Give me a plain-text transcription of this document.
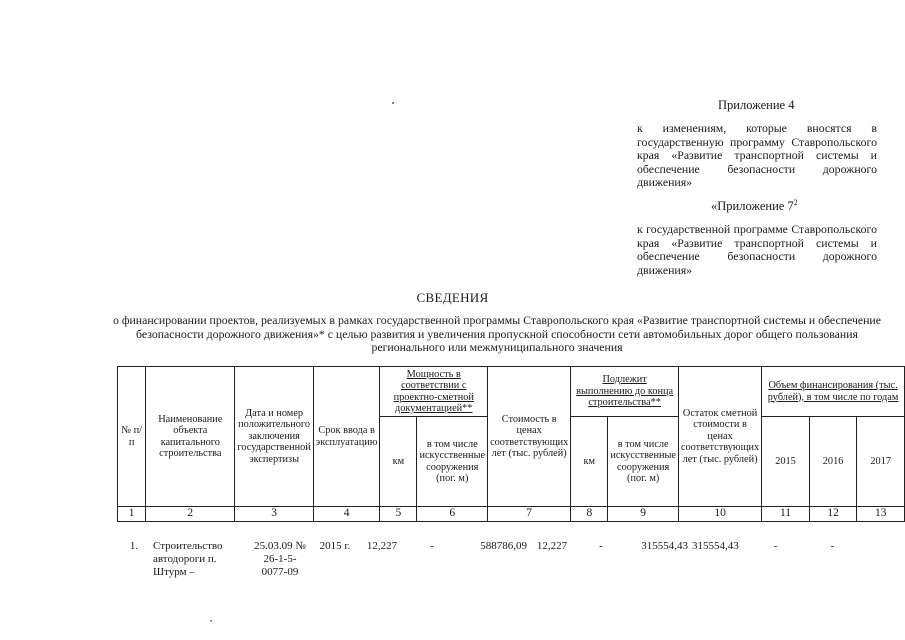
Приложение 4
к изменениям, которые вносятся в государственную программу Ставропольского края «Развитие транспортной системы и обеспечение безопасности дорожного движения»
«Приложение $7^2$
к государственной программе Ставропольского края «Развитие транспортной системы и обеспечение безопасности дорожного движения»
СВЕДЕНИЯ
о финансировании проектов, реализуемых в рамках государственной программы Ставропольского края «Развитие транспортной системы и обеспечение безопасности дорожного движения»* с целью развития и увеличения пропускной способности сети автомобильных дорог общего пользования регионального или межмуниципального значения
№ п/п	Наименование объекта капитального строительства	Дата и номер положительного заключения государственной экспертизы	Срок ввода в эксплуатацию	Мощность в соответствии с проектно-сметной документацией**		Стоимость в ценах соответствующих лет (тыс. рублей)	Подлежит выполнению до конца строительства**		Остаток сметной стоимости в ценах соответствующих лет (тыс. рублей)	Объем финансирования (тыс. рублей), в том числе по годам		
				км	в том числе искусственные сооружения (пог. м)		км	в том числе искусственные сооружения (пог. м)		2015	2016	2017
1	2	3	4	5	6	7	8	9	10	11	12	13
1.	Строительство автодороги п. Штурм –	25.03.09 № 26-1-5-0077-09	2015 г.	12,227	-	588786,09	12,227	-	315554,43	315554,43	-	-
